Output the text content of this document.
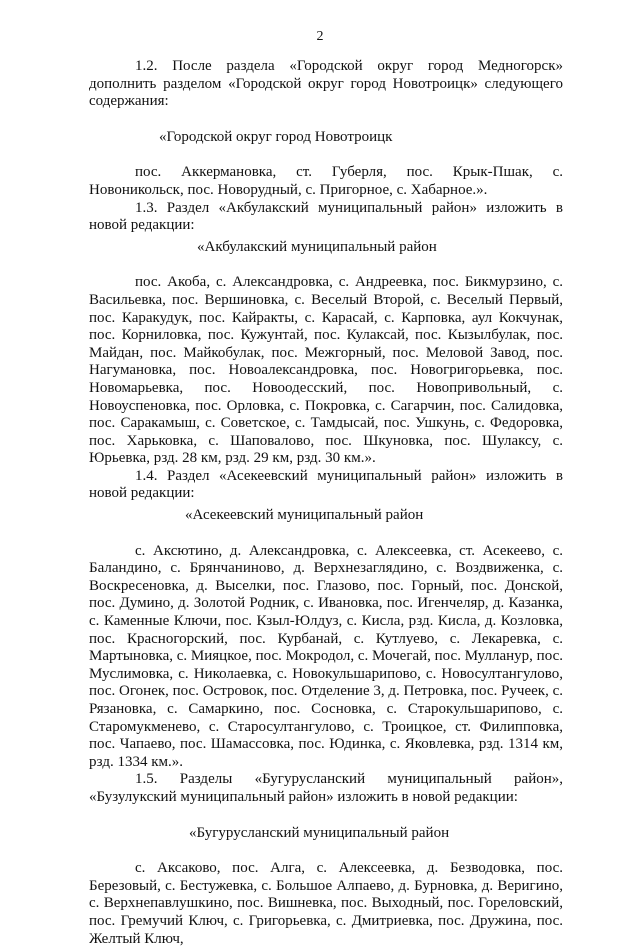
2

1.2. После раздела «Городской округ город Медногорск» дополнить разделом «Городской округ город Новотроицк» следующего содержания:

«Городской округ город Новотроицк

пос. Аккермановка, ст. Губерля, пос. Крык-Пшак, с. Новоникольск, пос. Новорудный, с. Пригорное, с. Хабарное.».

1.3. Раздел «Акбулакский муниципальный район» изложить в новой редакции:

«Акбулакский муниципальный район

пос. Акоба, с. Александровка, с. Андреевка, пос. Бикмурзино, с. Васильевка, пос. Вершиновка, с. Веселый Второй, с. Веселый Первый, пос. Каракудук, пос. Кайракты, с. Карасай, с. Карповка, аул Кокчунак, пос. Корниловка, пос. Кужунтай, пос. Кулаксай, пос. Кызылбулак, пос. Майдан, пос. Майкобулак, пос. Межгорный, пос. Меловой Завод, пос. Нагумановка, пос. Новоалександровка, пос. Новогригорьевка, пос. Новомарьевка, пос. Новоодесский, пос. Новопривольный, с. Новоуспеновка, пос. Орловка, с. Покровка, с. Сагарчин, пос. Салидовка, пос. Саракамыш, с. Советское, с. Тамдысай, пос. Ушкунь, с. Федоровка, пос. Харьковка, с. Шаповалово, пос. Шкуновка, пос. Шулаксу, с. Юрьевка, рзд. 28 км, рзд. 29 км, рзд. 30 км.».

1.4. Раздел «Асекеевский муниципальный район» изложить в новой редакции:

«Асекеевский муниципальный район

с. Аксютино, д. Александровка, с. Алексеевка, ст. Асекеево, с. Баландино, с. Брянчаниново, д. Верхнезаглядино, с. Воздвиженка, с. Воскресеновка, д. Выселки, пос. Глазово, пос. Горный, пос. Донской, пос. Думино, д. Золотой Родник, с. Ивановка, пос. Игенчеляр, д. Казанка, с. Каменные Ключи, пос. Кзыл-Юлдуз, с. Кисла, рзд. Кисла, д. Козловка, пос. Красногорский, пос. Курбанай, с. Кутлуево, с. Лекаревка, с. Мартыновка, с. Мияцкое, пос. Мокродол, с. Мочегай, пос. Мулланур, пос. Муслимовка, с. Николаевка, с. Новокульшарипово, с. Новосултангулово, пос. Огонек, пос. Островок, пос. Отделение 3, д. Петровка, пос. Ручеек, с. Рязановка, с. Самаркино, пос. Сосновка, с. Старокульшарипово, с. Старомукменево, с. Старосултангулово, с. Троицкое, ст. Филипповка, пос. Чапаево, пос. Шамассовка, пос. Юдинка, с. Яковлевка, рзд. 1314 км, рзд. 1334 км.».

1.5. Разделы «Бугурусланский муниципальный район», «Бузулукский муниципальный район» изложить в новой редакции:

«Бугурусланский муниципальный район

с. Аксаково, пос. Алга, с. Алексеевка, д. Безводовка, пос. Березовый, с. Бестужевка, с. Большое Алпаево, д. Бурновка, д. Веригино, с. Верхнепавлушкино, пос. Вишневка, пос. Выходный, пос. Гореловский, пос. Гремучий Ключ, с. Григорьевка, с. Дмитриевка, пос. Дружина, пос. Желтый Ключ,
